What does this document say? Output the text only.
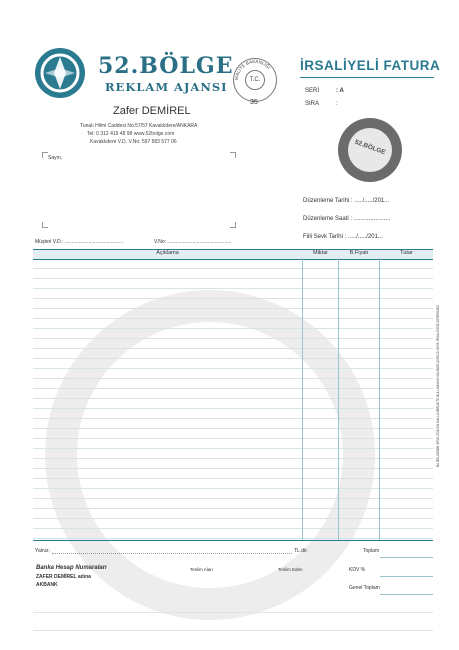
52.BÖLGE
REKLAM AJANSI
Zafer DEMİREL
Tunalı Hilmi Caddesi No:57/57 Kavaklıdere/ANKARA
Tel: 0 312 419 48 98 www.52bolge.com
Kavaklıdere V.D. V.No: 597 583 577 06
MALİYE BAKANLIĞI
T.C.
35
İRSALİYELİ FATURA
SERİ	: A
SIRA	:
52.BÖLGE
Sayın,
Müşteri V.D.: ..........................................	V.No: ..............................................
Düzenleme Tarihi : ...../...../201...
Düzenleme Saati : ......................
Fiili Sevk Tarihi : ...../...../201...
Açıklama	Miktar	B.Fiyatı	Tutar
BU BELGENİN SEVK EDİLEN MALLA BİRLİKTE BULUNMASI HALİNDE AYRICA SEVK İRSALİYESİ GEREKMEZ
Yalnız:	TL.dir.	Toplam
KDV %
Genel Toplam
Banka Hesap Numaraları
ZAFER DEMİREL adına
AKBANK
Teslim Alan	Teslim Eden
